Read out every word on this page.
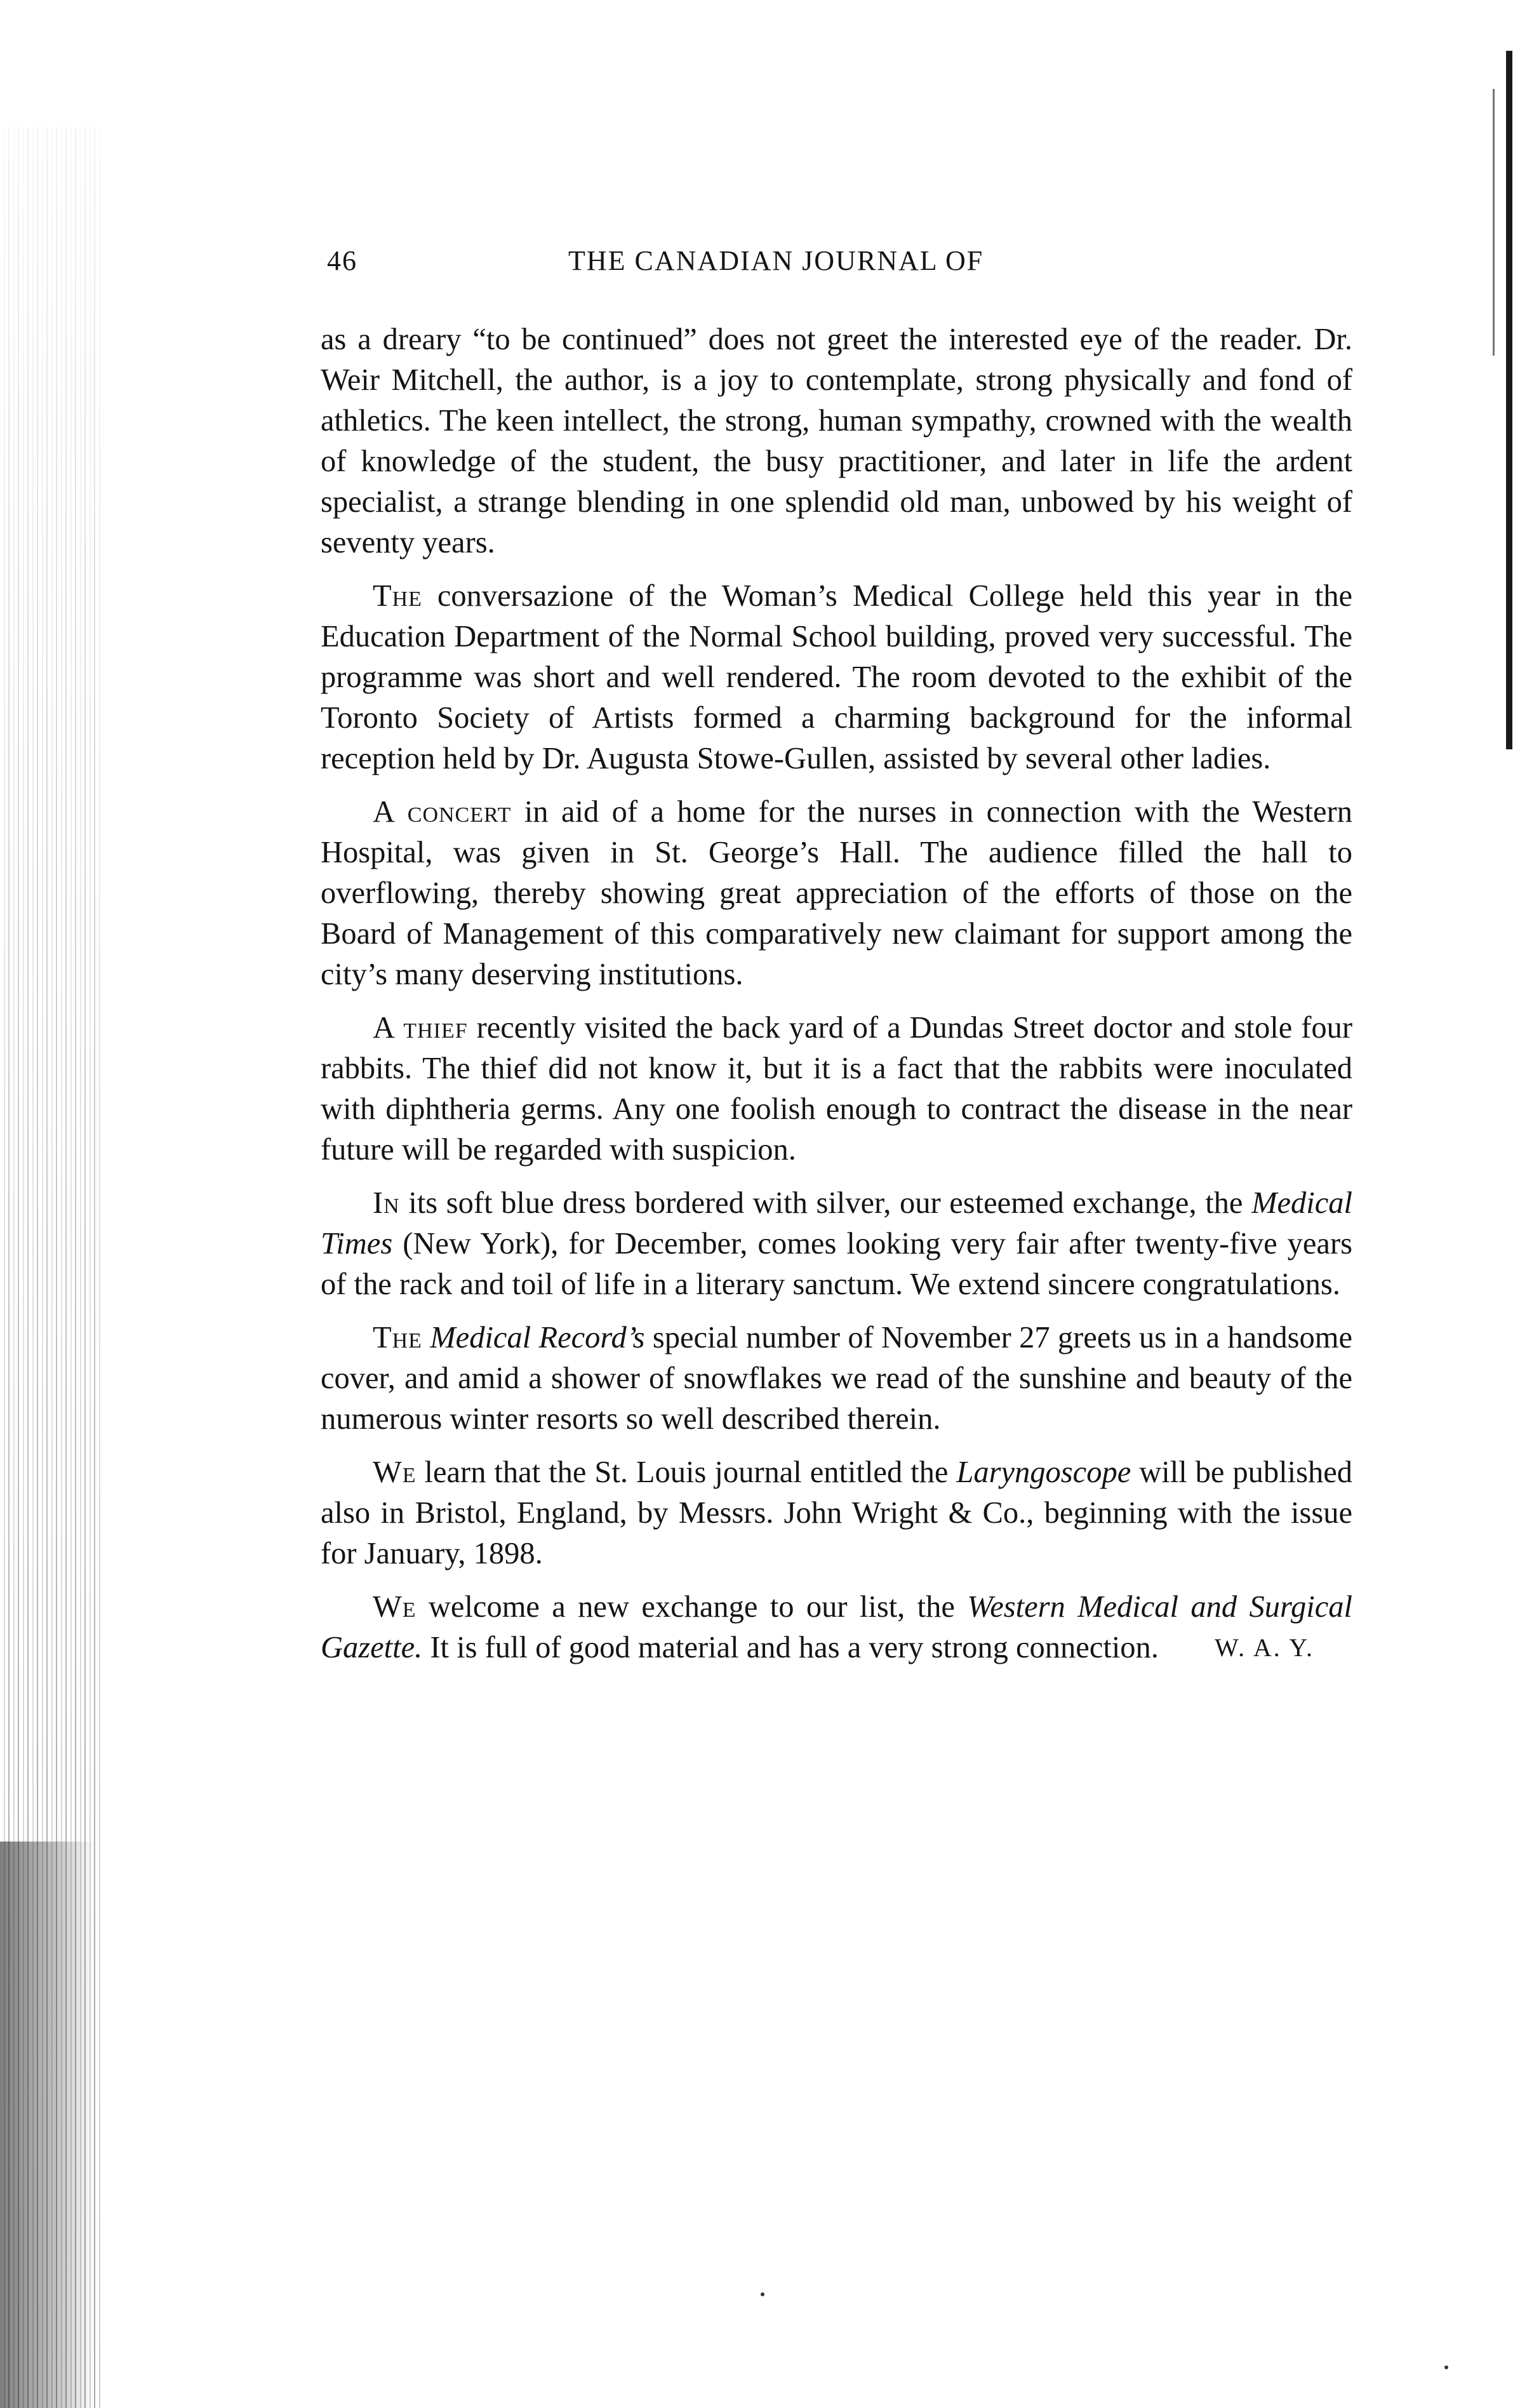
46	THE CANADIAN JOURNAL OF
as a dreary “to be continued” does not greet the interested eye of the reader. Dr. Weir Mitchell, the author, is a joy to contemplate, strong physically and fond of athletics. The keen intellect, the strong, human sympathy, crowned with the wealth of knowledge of the student, the busy practitioner, and later in life the ardent specialist, a strange blending in one splendid old man, unbowed by his weight of seventy years.
The conversazione of the Woman’s Medical College held this year in the Education Department of the Normal School building, proved very successful. The programme was short and well rendered. The room devoted to the exhibit of the Toronto Society of Artists formed a charming background for the informal reception held by Dr. Augusta Stowe-Gullen, assisted by several other ladies.
A concert in aid of a home for the nurses in connection with the Western Hospital, was given in St. George’s Hall. The audience filled the hall to overflowing, thereby showing great appreciation of the efforts of those on the Board of Management of this comparatively new claimant for support among the city’s many deserving institutions.
A thief recently visited the back yard of a Dundas Street doctor and stole four rabbits. The thief did not know it, but it is a fact that the rabbits were inoculated with diphtheria germs. Any one foolish enough to contract the disease in the near future will be regarded with suspicion.
In its soft blue dress bordered with silver, our esteemed exchange, the Medical Times (New York), for December, comes looking very fair after twenty-five years of the rack and toil of life in a literary sanctum. We extend sincere congratulations.
The Medical Record’s special number of November 27 greets us in a handsome cover, and amid a shower of snowflakes we read of the sunshine and beauty of the numerous winter resorts so well described therein.
We learn that the St. Louis journal entitled the Laryngoscope will be published also in Bristol, England, by Messrs. John Wright & Co., beginning with the issue for January, 1898.
We welcome a new exchange to our list, the Western Medical and Surgical Gazette. It is full of good material and has a very strong connection.	W. A. Y.
